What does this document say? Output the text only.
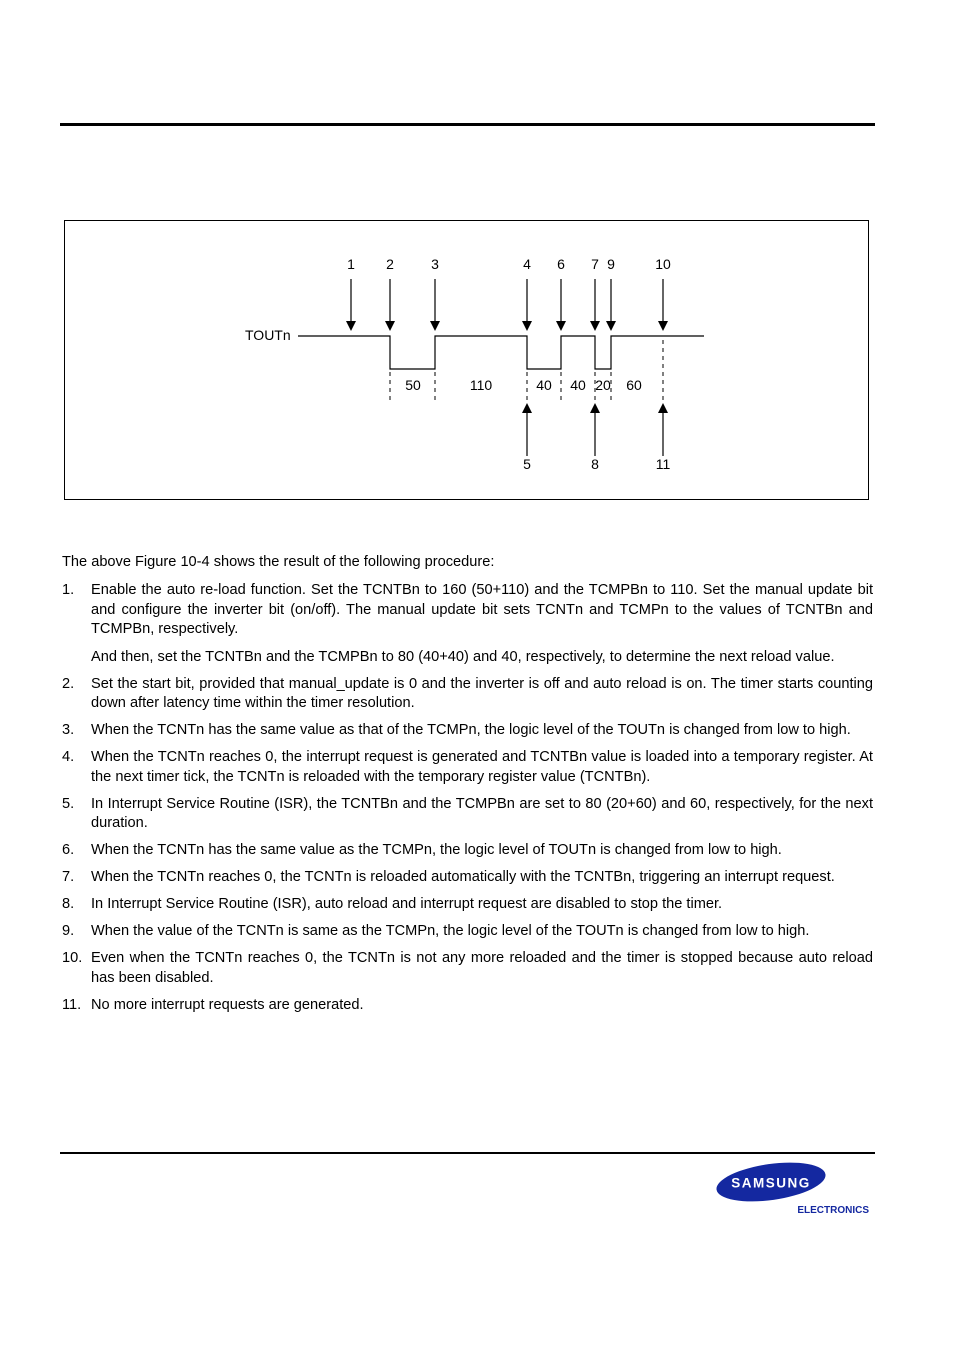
TOUTn
1 2	3	4 6 7 9	10
50	110	40 40 20 60
5	8	11
The above Figure 10-4 shows the result of the following procedure:
1. Enable the auto re-load function. Set the TCNTBn to 160 (50+110) and the TCMPBn to 110. Set the manual update bit and configure the inverter bit (on/off). The manual update bit sets TCNTn and TCMPn to the values of TCNTBn and TCMPBn, respectively.

And then, set the TCNTBn and the TCMPBn to 80 (40+40) and 40, respectively, to determine the next reload value.

2. Set the start bit, provided that manual_update is 0 and the inverter is off and auto reload is on. The timer starts counting down after latency time within the timer resolution.

3. When the TCNTn has the same value as that of the TCMPn, the logic level of the TOUTn is changed from low to high.

4. When the TCNTn reaches 0, the interrupt request is generated and TCNTBn value is loaded into a temporary register. At the next timer tick, the TCNTn is reloaded with the temporary register value (TCNTBn).

5. In Interrupt Service Routine (ISR), the TCNTBn and the TCMPBn are set to 80 (20+60) and 60, respectively, for the next duration.

6. When the TCNTn has the same value as the TCMPn, the logic level of TOUTn is changed from low to high.

7. When the TCNTn reaches 0, the TCNTn is reloaded automatically with the TCNTBn, triggering an interrupt request.

8. In Interrupt Service Routine (ISR), auto reload and interrupt request are disabled to stop the timer.

9. When the value of the TCNTn is same as the TCMPn, the logic level of the TOUTn is changed from low to high.

10. Even when the TCNTn reaches 0, the TCNTn is not any more reloaded and the timer is stopped because auto reload has been disabled.

11. No more interrupt requests are generated.

SAMSUNG
ELECTRONICS
